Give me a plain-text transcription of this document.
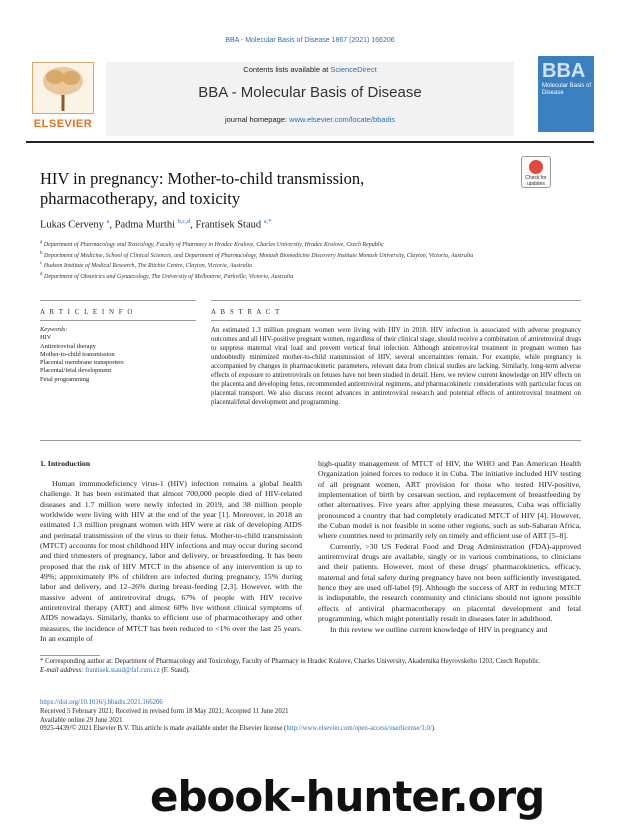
BBA - Molecular Basis of Disease 1867 (2021) 166206
ELSEVIER
Contents lists available at ScienceDirect
BBA - Molecular Basis of Disease
journal homepage: www.elsevier.com/locate/bbadis
BBA
Molecular Basis of Disease
HIV in pregnancy: Mother-to-child transmission, pharmacotherapy, and toxicity
Check for updates
Lukas Cerveny $^a$, Padma Murthi $^{b,c,d}$, Frantisek Staud $^{a,*}$
$^a$ Department of Pharmacology and Toxicology, Faculty of Pharmacy in Hradec Kralove, Charles University, Hradec Kralove, Czech Republic
$^b$ Department of Medicine, School of Clinical Sciences, and Department of Pharmacology, Monash Biomedicine Discovery Institute Monash University, Clayton, Victoria, Australia
$^c$ Hudson Institute of Medical Research, The Ritchie Centre, Clayton, Victoria, Australia
$^d$ Department of Obstetrics and Gynaecology, The University of Melbourne, Parkville, Victoria, Australia
A R T I C L E I N F O	A B S T R A C T
Keywords:
HIV
Antiretroviral therapy
Mother-to-child transmission
Placental membrane transporters
Placental/fetal development
Fetal programming
An estimated 1.3 million pregnant women were living with HIV in 2018. HIV infection is associated with adverse pregnancy outcomes and all HIV-positive pregnant women, regardless of their clinical stage, should receive a combination of antiretroviral drugs to suppress maternal viral load and prevent vertical fetal infection. Although antiretroviral treatment in pregnant women has undoubtedly minimized mother-to-child transmission of HIV, several uncertainties remain. For example, while pregnancy is accompanied by changes in pharmacokinetic parameters, relevant data from clinical studies are lacking. Similarly, long-term adverse effects of exposure to antiretrovirals on fetuses have not been studied in detail. Here, we review current knowledge on HIV effects on the placenta and developing fetus, recommended antiretroviral regimens, and pharmacokinetic considerations with particular focus on placental transport. We also discuss recent advances in antiretroviral research and potential effects of antiretroviral treatment on placental/fetal development and programming.
1. Introduction

Human immunodeficiency virus-1 (HIV) infection remains a global health challenge. It has been estimated that almost 700,000 people died of HIV-related diseases and 1.7 million were newly infected in 2019, and 38 million people worldwide were living with HIV at the end of the year [1]. Moreover, in 2018 an estimated 1.3 million pregnant women with HIV were at risk of developing AIDS and perinatal transmission of the virus to their fetus. Mother-to-child transmission (MTCT) accounts for most childhood HIV infections and may occur during second and third trimesters of pregnancy, labor and delivery, or breastfeeding. It has been proposed that the risk of HIV MTCT in the absence of any intervention is up to 49%; approximately 8% of children are infected during pregnancy, 15% during labor and delivery, and 12–26% during breast-feeding [2,3]. However, with the massive advent of antiretroviral drugs, 67% of people with HIV receive antiretroviral therapy (ART) and almost 60% live without clinical symptoms of AIDS nowadays. Similarly, thanks to efficient use of pharmacotherapy and other measures, the incidence of MTCT has been reduced to <1% over the last 25 years. In an example of

high-quality management of MTCT of HIV, the WHO and Pan American Health Organization joined forces to reduce it in Cuba. The initiative included HIV testing of all pregnant women, ART provision for those who tested HIV-positive, implementation of birth by cesarean section, and replacement of breastfeeding by other alternatives. Five years after applying these measures, Cuba was officially pronounced a country that had completely eradicated MTCT of HIV [4]. However, the Cuban model is not feasible in some other regions, such as sub-Saharan Africa, where countries need to primarily rely on timely and efficient use of ART [5–8].

Currently, >30 US Federal Food and Drug Administration (FDA)-approved antiretroviral drugs are available, singly or in various combinations, to clinicians and their patients. However, most of these drugs' pharmacokinetics, efficacy, maternal and fetal safety during pregnancy have not been sufficiently investigated, hence they are used off-label [9]. Although the success of ART in reducing MTCT is indisputable, the research community and clinicians should not ignore possible effects of antiviral pharmacotherapy on placental development and fetal programming, which might potentially result in diseases later in adulthood.

In this review we outline current knowledge of HIV in pregnancy and

* Corresponding author at: Department of Pharmacology and Toxicology, Faculty of Pharmacy in Hradec Kralove, Charles University, Akademika Heyrovskeho 1203, Czech Republic.
E-mail address: frantisek.staud@faf.cuni.cz (F. Staud).
https://doi.org/10.1016/j.bbadis.2021.166206
Received 5 February 2021; Received in revised form 18 May 2021; Accepted 11 June 2021
Available online 29 June 2021
0925-4439/© 2021 Elsevier B.V. This article is made available under the Elsevier license (http://www.elsevier.com/open-access/userlicense/1.0/).
ebook-hunter.org
